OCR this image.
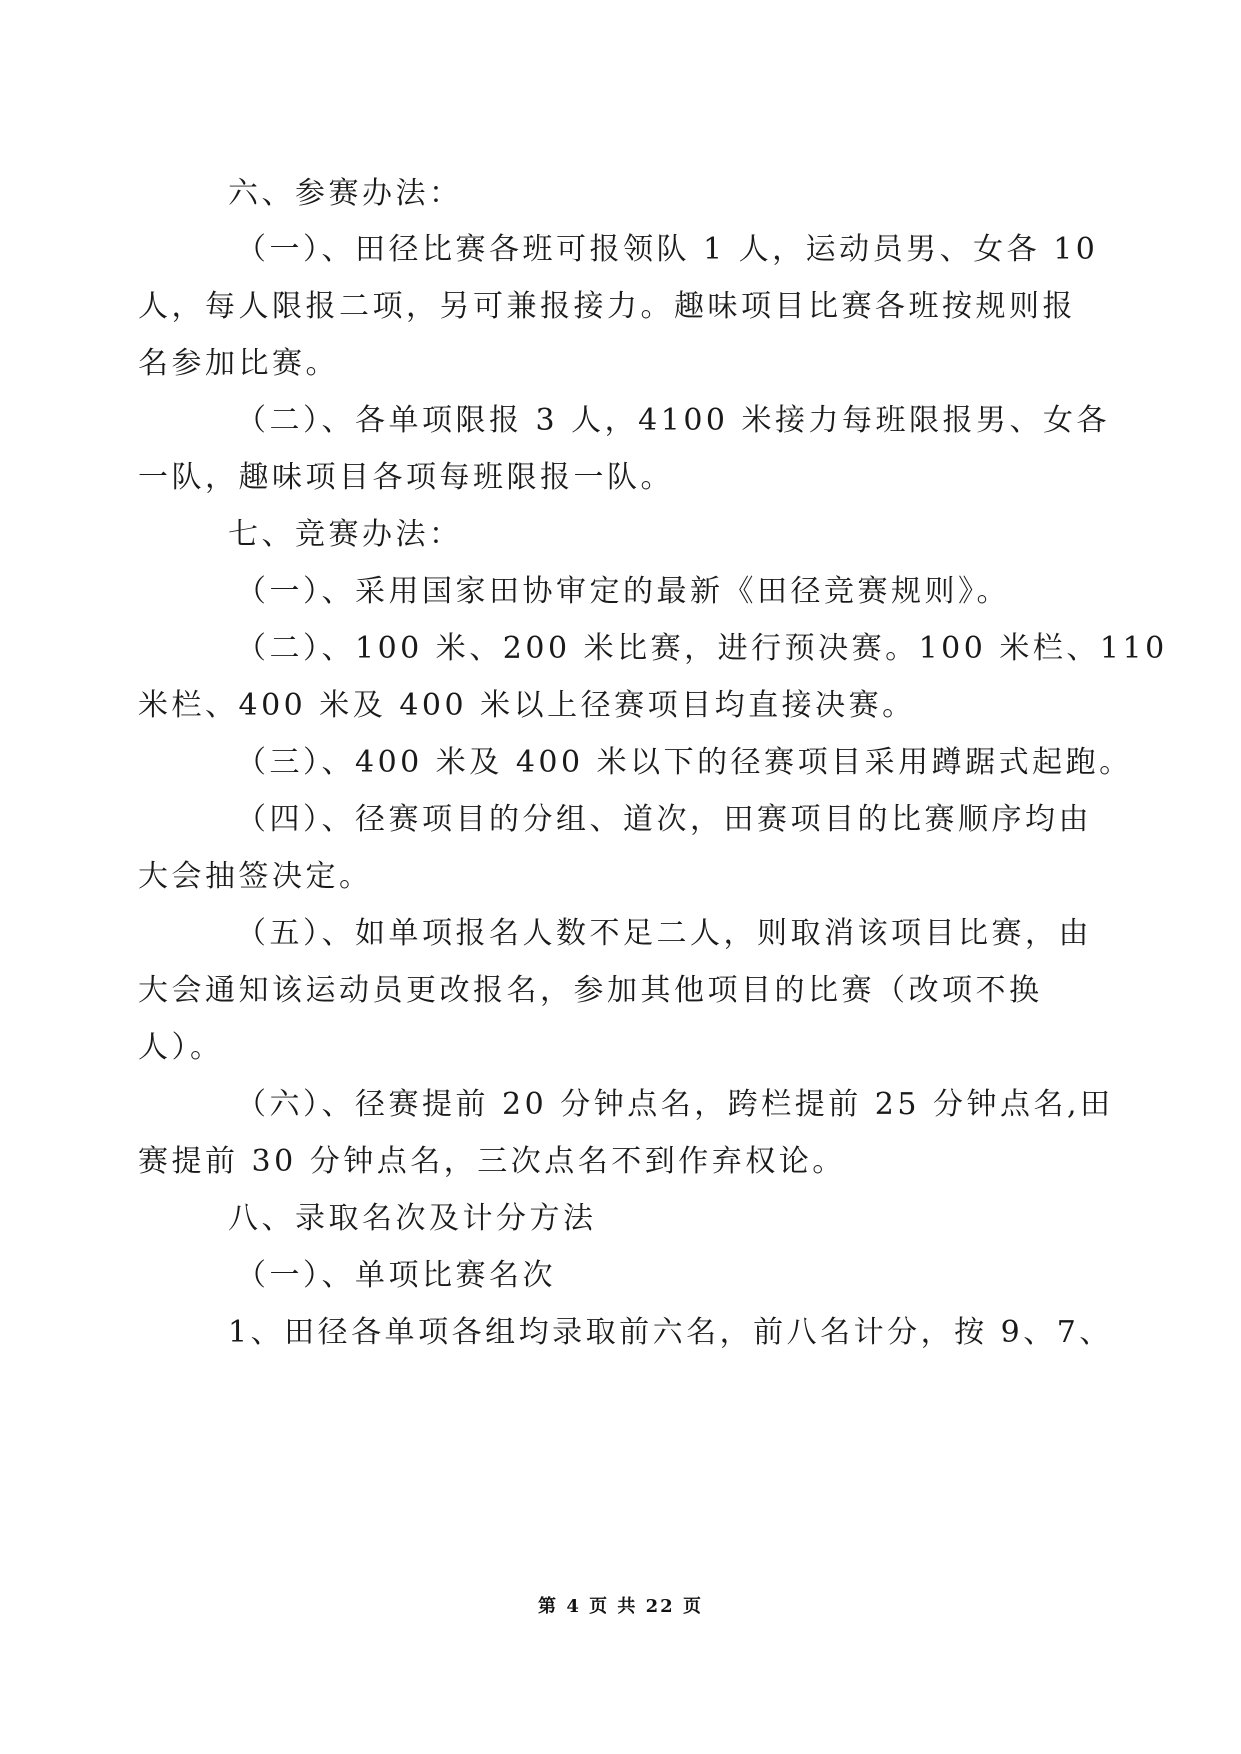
六、参赛办法：
（一）、田径比赛各班可报领队 1 人，运动员男、女各 10
人，每人限报二项，另可兼报接力。趣味项目比赛各班按规则报
名参加比赛。
（二）、各单项限报 3 人，4100 米接力每班限报男、女各
一队，趣味项目各项每班限报一队。
七、竞赛办法：
（一）、采用国家田协审定的最新《田径竞赛规则》。
（二）、100 米、200 米比赛，进行预决赛。100 米栏、110
米栏、400 米及 400 米以上径赛项目均直接决赛。
（三）、400 米及 400 米以下的径赛项目采用蹲踞式起跑。
（四）、径赛项目的分组、道次，田赛项目的比赛顺序均由
大会抽签决定。
（五）、如单项报名人数不足二人，则取消该项目比赛，由
大会通知该运动员更改报名，参加其他项目的比赛（改项不换
人）。
（六）、径赛提前 20 分钟点名，跨栏提前 25 分钟点名,田
赛提前 30 分钟点名，三次点名不到作弃权论。
八、录取名次及计分方法
（一）、单项比赛名次
1、田径各单项各组均录取前六名，前八名计分，按 9、7、
第 4 页 共 22 页
